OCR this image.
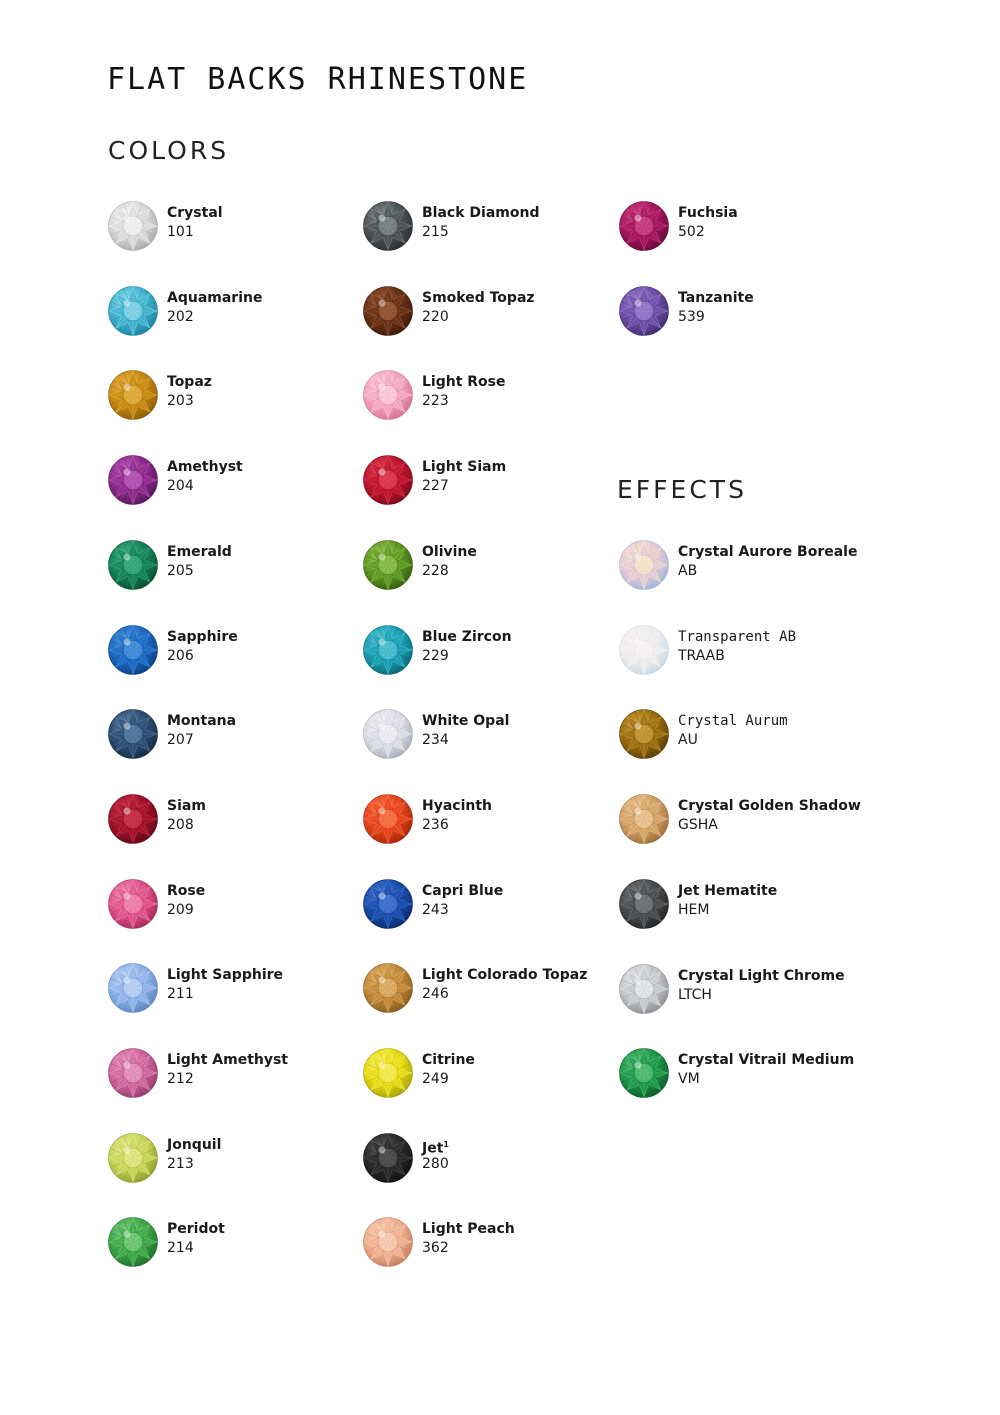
FLAT BACKS RHINESTONE
COLORS
EFFECTS
Crystal
101
Aquamarine
202
Topaz
203
Amethyst
204
Emerald
205
Sapphire
206
Montana
207
Siam
208
Rose
209
Light Sapphire
211
Light Amethyst
212
Jonquil
213
Peridot
214
Black Diamond
215
Smoked Topaz
220
Light Rose
223
Light Siam
227
Olivine
228
Blue Zircon
229
White Opal
234
Hyacinth
236
Capri Blue
243
Light Colorado Topaz
246
Citrine
249
Jet$^1$
280
Light Peach
362
Fuchsia
502
Tanzanite
539
Crystal Aurore Boreale
AB
Transparent AB
TRAAB
Crystal Aurum
AU
Crystal Golden Shadow
GSHA
Jet Hematite
HEM
Crystal Light Chrome
LTCH
Crystal Vitrail Medium
VM
